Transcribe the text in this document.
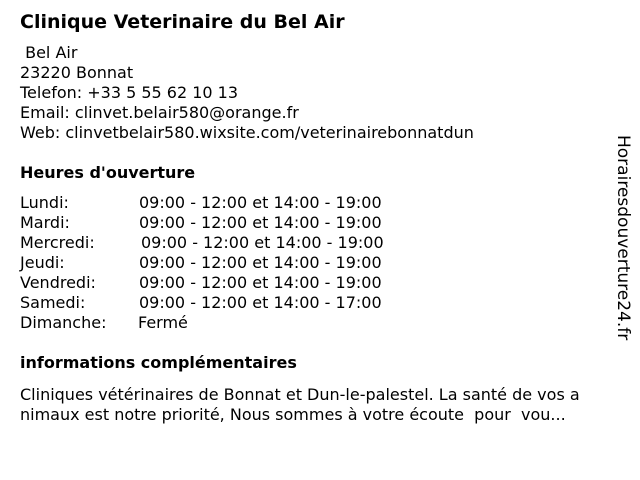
Clinique Veterinaire du Bel Air
Bel Air
23220 Bonnat
Telefon: +33 5 55 62 10 13
Email: clinvet.belair580@orange.fr
Web: clinvetbelair580.wixsite.com/veterinairebonnatdun
Heures d'ouverture
Lundi:	09:00 - 12:00 et 14:00 - 19:00
Mardi:	09:00 - 12:00 et 14:00 - 19:00
Mercredi:	09:00 - 12:00 et 14:00 - 19:00
Jeudi:	09:00 - 12:00 et 14:00 - 19:00
Vendredi:	09:00 - 12:00 et 14:00 - 19:00
Samedi:	09:00 - 12:00 et 14:00 - 17:00
Dimanche: Fermé
informations complémentaires
Cliniques vétérinaires de Bonnat et Dun-le-palestel. La santé de vos a
nimaux est notre priorité, Nous sommes à votre écoute  pour  vou...
Horairesdouverture24.fr
